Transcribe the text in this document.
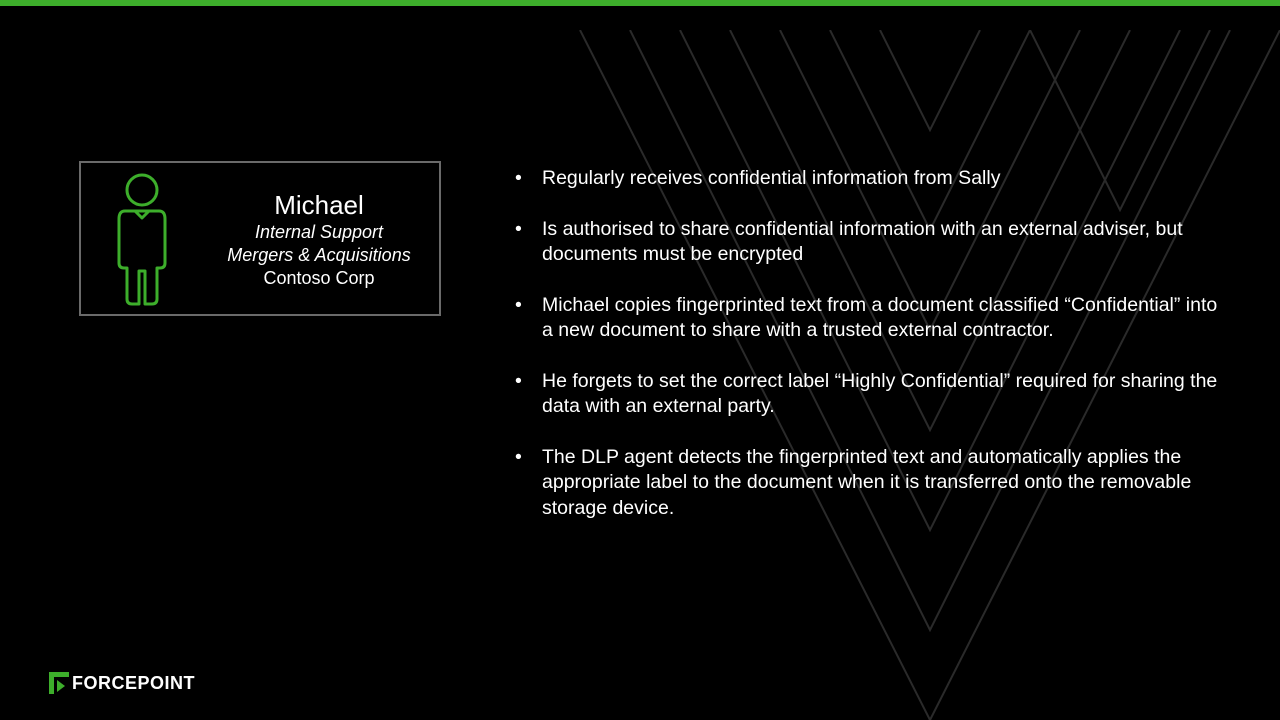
Michael
Internal Support
Mergers & Acquisitions
Contoso Corp
• Regularly receives confidential information from Sally
• Is authorised to share confidential information with an external adviser, but documents must be encrypted
• Michael copies fingerprinted text from a document classified “Confidential” into a new document to share with a trusted external contractor.
• He forgets to set the correct label “Highly Confidential” required for sharing the data with an external party.
• The DLP agent detects the fingerprinted text and automatically applies the appropriate label to the document when it is transferred onto the removable storage device.
FORCEPOINT
